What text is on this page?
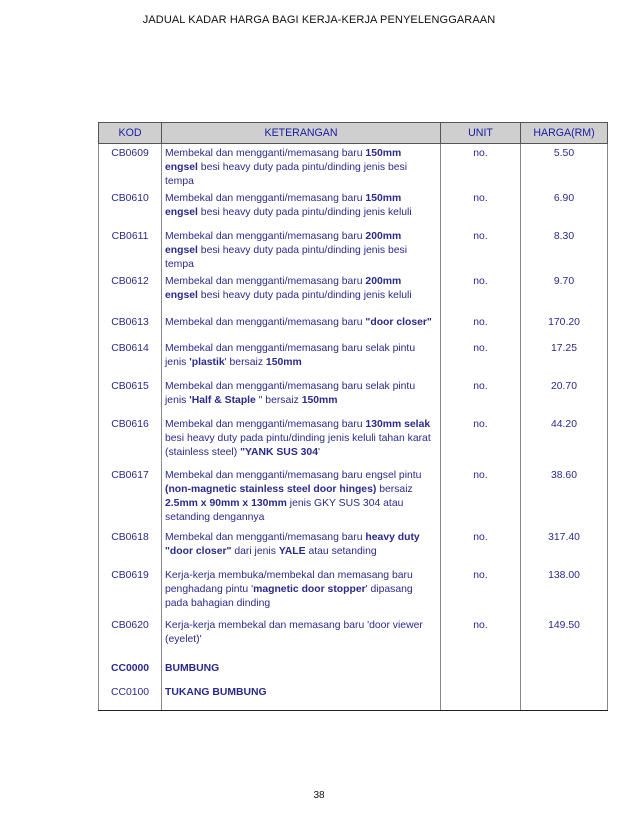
JADUAL KADAR HARGA BAGI KERJA-KERJA PENYELENGGARAAN
KOD	KETERANGAN	UNIT	HARGA(RM)
CB0609	Membekal dan mengganti/memasang baru 150mm engsel besi heavy duty pada pintu/dinding jenis besi tempa	no.	5.50
CB0610	Membekal dan mengganti/memasang baru 150mm engsel besi heavy duty pada pintu/dinding jenis keluli	no.	6.90
CB0611	Membekal dan mengganti/memasang baru 200mm engsel besi heavy duty pada pintu/dinding jenis besi tempa	no.	8.30
CB0612	Membekal dan mengganti/memasang baru 200mm engsel besi heavy duty pada pintu/dinding jenis keluli	no.	9.70
CB0613	Membekal dan mengganti/memasang baru "door closer"	no.	170.20
CB0614	Membekal dan mengganti/memasang baru selak pintu jenis 'plastik' bersaiz 150mm	no.	17.25
CB0615	Membekal dan mengganti/memasang baru selak pintu jenis 'Half & Staple " bersaiz 150mm	no.	20.70
CB0616	Membekal dan mengganti/memasang baru 130mm selak besi heavy duty pada pintu/dinding jenis keluli tahan karat (stainless steel) "YANK SUS 304'	no.	44.20
CB0617	Membekal dan mengganti/memasang baru engsel pintu (non-magnetic stainless steel door hinges) bersaiz 2.5mm x 90mm x 130mm jenis GKY SUS 304 atau setanding dengannya	no.	38.60
CB0618	Membekal dan mengganti/memasang baru heavy duty "door closer" dari jenis YALE atau setanding	no.	317.40
CB0619	Kerja-kerja membuka/membekal dan memasang baru penghadang pintu 'magnetic door stopper' dipasang pada bahagian dinding	no.	138.00
CB0620	Kerja-kerja membekal dan memasang baru 'door viewer (eyelet)'	no.	149.50
CC0000	BUMBUNG		
CC0100	TUKANG BUMBUNG		
38
